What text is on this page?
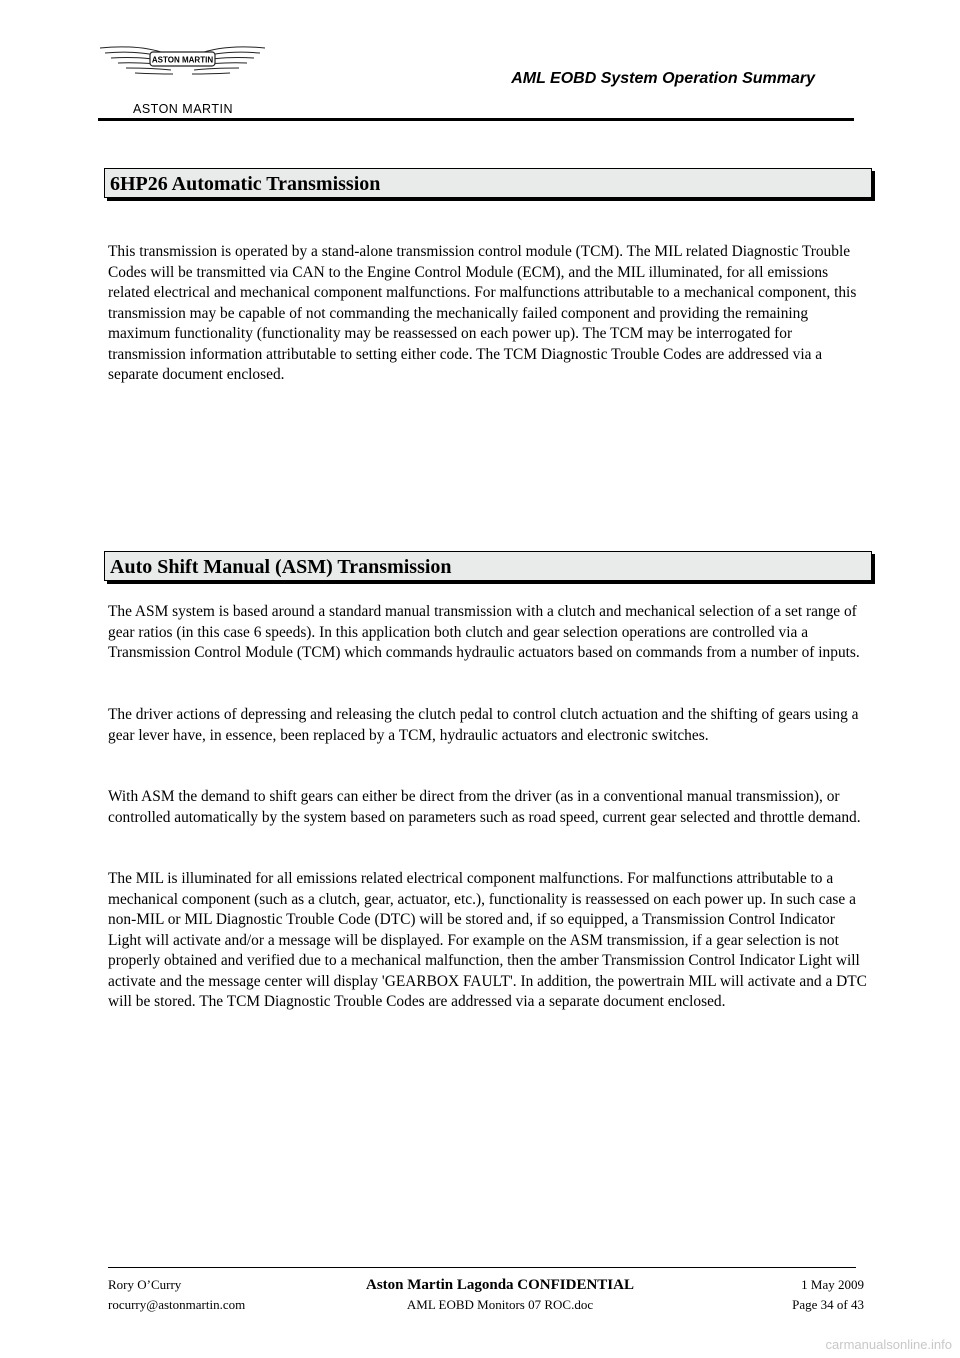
ASTON MARTIN
ASTON MARTIN
AML EOBD System Operation Summary
6HP26 Automatic Transmission

This transmission is operated by a stand-alone transmission control module (TCM). The MIL related Diagnostic Trouble Codes will be transmitted via CAN to the Engine Control Module (ECM), and the MIL illuminated, for all emissions related electrical and mechanical component malfunctions. For malfunctions attributable to a mechanical component, this transmission may be capable of not commanding the mechanically failed component and providing the remaining maximum functionality (functionality may be reassessed on each power up). The TCM may be interrogated for transmission information attributable to setting either code. The TCM Diagnostic Trouble Codes are addressed via a separate document enclosed.

Auto Shift Manual (ASM) Transmission

The ASM system is based around a standard manual transmission with a clutch and mechanical selection of a set range of gear ratios (in this case 6 speeds). In this application both clutch and gear selection operations are controlled via a Transmission Control Module (TCM) which commands hydraulic actuators based on commands from a number of inputs.

The driver actions of depressing and releasing the clutch pedal to control clutch actuation and the shifting of gears using a gear lever have, in essence, been replaced by a TCM, hydraulic actuators and electronic switches.

With ASM the demand to shift gears can either be direct from the driver (as in a conventional manual transmission), or controlled automatically by the system based on parameters such as road speed, current gear selected and throttle demand.

The MIL is illuminated for all emissions related electrical component malfunctions. For malfunctions attributable to a mechanical component (such as a clutch, gear, actuator, etc.), functionality is reassessed on each power up. In such case a non-MIL or MIL Diagnostic Trouble Code (DTC) will be stored and, if so equipped, a Transmission Control Indicator Light will activate and/or a message will be displayed. For example on the ASM transmission, if a gear selection is not properly obtained and verified due to a mechanical malfunction, then the amber Transmission Control Indicator Light will activate and the message center will display 'GEARBOX FAULT'. In addition, the powertrain MIL will activate and a DTC will be stored. The TCM Diagnostic Trouble Codes are addressed via a separate document enclosed.

Rory O’Curry
rocurry@astonmartin.com
Aston Martin Lagonda CONFIDENTIAL
AML EOBD Monitors 07 ROC.doc
1 May 2009
Page 34 of 43
carmanualsonline.info
